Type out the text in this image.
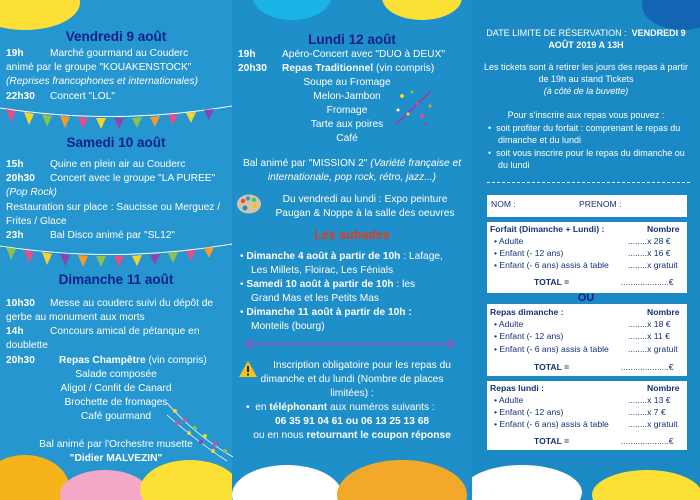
Vendredi 9 août
19h	Marché gourmand au Couderc
animé par le groupe "KOUAKENSTOCK"
(Reprises francophones et internationales)
22h30 Concert "LOL"
Samedi 10 août
15h	Quine en plein air au Couderc
20h30 Concert avec le groupe "LA PUREE"
(Pop Rock)
Restauration sur place : Saucisse ou Merguez /
Frites / Glace
23h	Bal Disco animé par "SL12"
Dimanche 11 août
10h30 Messe au couderc suivi du dépôt de
gerbe au monument aux morts
14h	Concours amical de pétanque en
doublette
20h30 Repas Champêtre (vin compris)
Salade composée
Aligot / Confit de Canard
Brochette de fromages
Café gourmand
Bal animé par l'Orchestre musette
"Didier MALVEZIN"
Lundi 12 août
19h	Apéro-Concert avec "DUO à DEUX"
20h30 Repas Traditionnel (vin compris)
Soupe au Fromage
Melon-Jambon
Fromage
Tarte aux poires
Café
Bal animé par "MISSION 2" (Variété française et
internationale, pop rock, rétro, jazz...)
Du vendredi au lundi : Expo peinture
Paugan & Noppe à la salle des oeuvres
Les aubades
• Dimanche 4 août à partir de 10h : Lafage,
Les Millets, Floirac, Les Fénials
• Samedi 10 août à partir de 10h : les
Grand Mas et les Petits Mas
• Dimanche 11 août à partir de 10h :
Monteils (bourg)
Inscription obligatoire pour les repas du
dimanche et du lundi (Nombre de places
limitées) :
•  en téléphonant aux numéros suivants :
06 35 91 04 61 ou 06 13 25 13 68
ou en nous retournant le coupon réponse
DATE LIMITE DE RÉSERVATION : VENDREDI 9
AOÛT 2019 A 13H
Les tickets sont à retirer les jours des repas à partir
de 19h au stand Tickets
(à côté de la buvette)
Pour s'inscrire aux repas vous pouvez :
•  soit profiter du forfait : comprenant le repas du
dimanche et du lundi
•  soit vous inscrire pour le repas du dimanche ou
du lundi
NOM :	PRENOM :
Forfait (Dimanche + Lundi) :	Nombre
• Adulte	........x 28 €
• Enfant (- 12 ans)	........x 16 €
• Enfant (- 6 ans) assis à table ........x gratuit
TOTAL =	....................€
OU
Repas dimanche :	Nombre
• Adulte	........x 18 €
• Enfant (- 12 ans)	........x 11 €
• Enfant (- 6 ans) assis à table ........x gratuit
TOTAL =	....................€
Repas lundi :	Nombre
• Adulte	........x 13 €
• Enfant (- 12 ans)	........x 7 €
• Enfant (- 6 ans) assis à table ........x gratuit
TOTAL =	....................€
